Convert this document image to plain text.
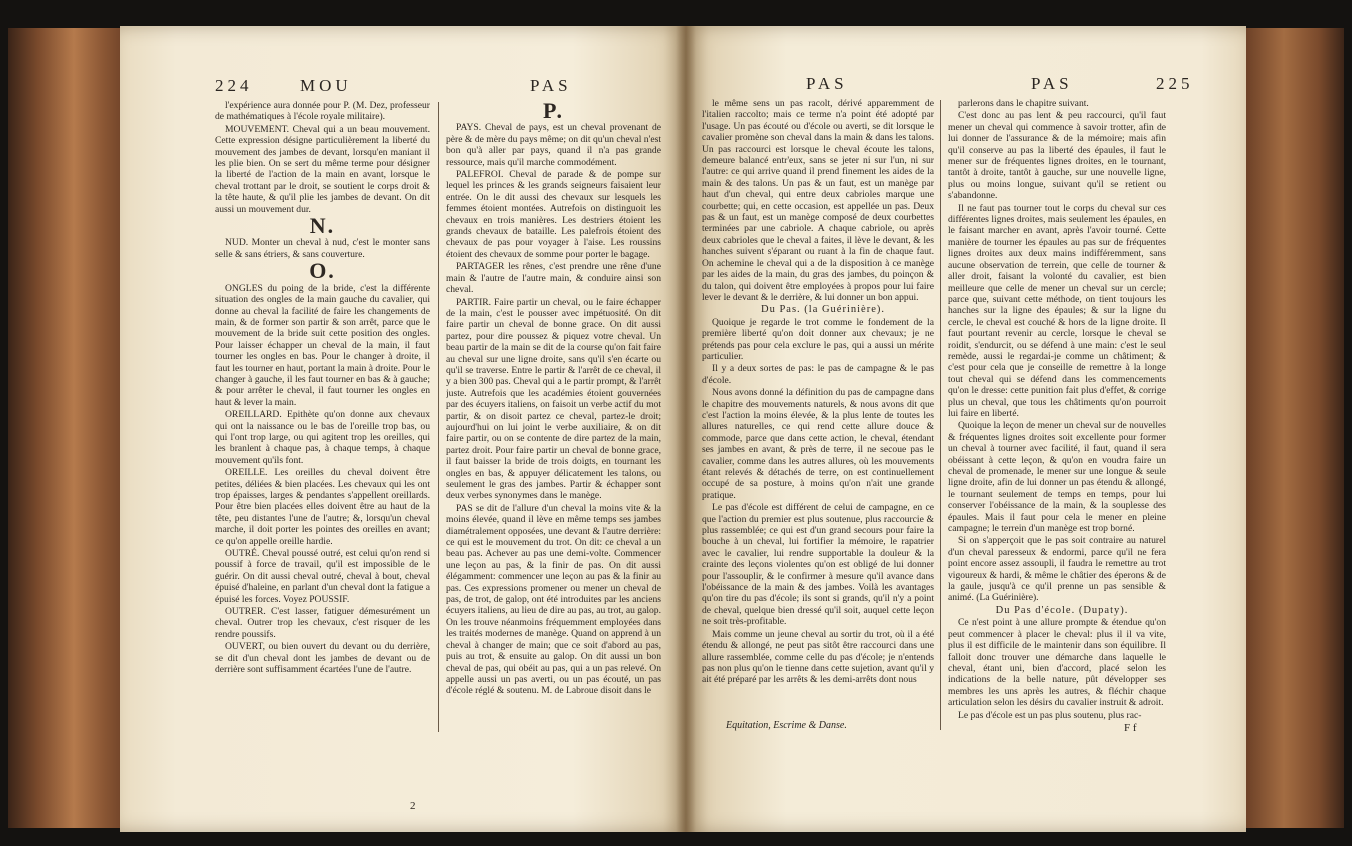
224	MOU	PAS

l'expérience aura donnée pour P. (M. Dez, professeur de mathématiques à l'école royale militaire).

MOUVEMENT. Cheval qui a un beau mouvement. Cette expression désigne particulièrement la liberté du mouvement des jambes de devant, lorsqu'en maniant il les plie bien. On se sert du même terme pour désigner la liberté de l'action de la main en avant, lorsque le cheval trottant par le droit, se soutient le corps droit & la tête haute, & qu'il plie les jambes de devant. On dit aussi un mouvement dur.

N.

NUD. Monter un cheval à nud, c'est le monter sans selle & sans étriers, & sans couverture.

O.

ONGLES du poing de la bride, c'est la différente situation des ongles de la main gauche du cavalier, qui donne au cheval la facilité de faire les changements de main, & de former son partir & son arrêt, parce que le mouvement de la bride suit cette position des ongles. Pour laisser échapper un cheval de la main, il faut tourner les ongles en bas. Pour le changer à droite, il faut les tourner en haut, portant la main à droite. Pour le changer à gauche, il les faut tourner en bas & à gauche; & pour arrêter le cheval, il faut tourner les ongles en haut & lever la main.

OREILLARD. Epithète qu'on donne aux chevaux qui ont la naissance ou le bas de l'oreille trop bas, ou qui l'ont trop large, ou qui agitent trop les oreilles, qui les branlent à chaque pas, à chaque temps, à chaque mouvement qu'ils font.

OREILLE. Les oreilles du cheval doivent être petites, déliées & bien placées. Les chevaux qui les ont trop épaisses, larges & pendantes s'appellent oreillards. Pour être bien placées elles doivent être au haut de la tête, peu distantes l'une de l'autre; &, lorsqu'un cheval marche, il doit porter les pointes des oreilles en avant; ce qu'on appelle oreille hardie.

OUTRÉ. Cheval poussé outré, est celui qu'on rend si poussif à force de travail, qu'il est impossible de le guérir. On dit aussi cheval outré, cheval à bout, cheval épuisé d'haleine, en parlant d'un cheval dont la fatigue a épuisé les forces. Voyez POUSSIF.

OUTRER. C'est lasser, fatiguer démesurément un cheval. Outrer trop les chevaux, c'est risquer de les rendre poussifs.

OUVERT, ou bien ouvert du devant ou du derrière, se dit d'un cheval dont les jambes de devant ou de derrière sont suffisamment écartées l'une de l'autre.

P.

PAYS. Cheval de pays, est un cheval provenant de père & de mère du pays même; on dit qu'un cheval n'est bon qu'à aller par pays, quand il n'a pas grande ressource, mais qu'il marche commodément.

PALEFROI. Cheval de parade & de pompe sur lequel les princes & les grands seigneurs faisaient leur entrée. On le dit aussi des chevaux sur lesquels les femmes étoient montées. Autrefois on distinguoit les chevaux en trois manières. Les destriers étoient les grands chevaux de bataille. Les palefrois étoient des chevaux de pas pour voyager à l'aise. Les roussins étoient des chevaux de somme pour porter le bagage.

PARTAGER les rênes, c'est prendre une rêne d'une main & l'autre de l'autre main, & conduire ainsi son cheval.

PARTIR. Faire partir un cheval, ou le faire échapper de la main, c'est le pousser avec impétuosité. On dit faire partir un cheval de bonne grace. On dit aussi partez, pour dire poussez & piquez votre cheval. Un beau partir de la main se dit de la course qu'on fait faire au cheval sur une ligne droite, sans qu'il s'en écarte ou qu'il se traverse. Entre le partir & l'arrêt de ce cheval, il y a bien 300 pas. Cheval qui a le partir prompt, & l'arrêt juste. Autrefois que les académies étoient gouvernées par des écuyers italiens, on faisoit un verbe actif du mot partir, & on disoit partez ce cheval, partez-le droit; aujourd'hui on lui joint le verbe auxiliaire, & on dit faire partir, ou on se contente de dire partez de la main, partez droit. Pour faire partir un cheval de bonne grace, il faut baisser la bride de trois doigts, en tournant les ongles en bas, & appuyer délicatement les talons, ou seulement le gras des jambes. Partir & échapper sont deux verbes synonymes dans le manège.

PAS se dit de l'allure d'un cheval la moins vite & la moins élevée, quand il lève en même temps ses jambes diamétralement opposées, une devant & l'autre derrière: ce qui est le mouvement du trot. On dit: ce cheval a un beau pas. Achever au pas une demi-volte. Commencer une leçon au pas, & la finir de pas. On dit aussi élégamment: commencer une leçon au pas & la finir au pas. Ces expressions promener ou mener un cheval de pas, de trot, de galop, ont été introduites par les anciens écuyers italiens, au lieu de dire au pas, au trot, au galop. On les trouve néanmoins fréquemment employées dans les traités modernes de manège. Quand on apprend à un cheval à changer de main; que ce soit d'abord au pas, puis au trot, & ensuite au galop. On dit aussi un bon cheval de pas, qui obéit au pas, qui a un pas relevé. On appelle aussi un pas averti, ou un pas écouté, un pas d'école réglé & soutenu. M. de Labroue disoit dans le

2
PAS	PAS	225

le même sens un pas racolt, dérivé apparemment de l'italien raccolto; mais ce terme n'a point été adopté par l'usage. Un pas écouté ou d'école ou averti, se dit lorsque le cavalier promène son cheval dans la main & dans les talons. Un pas raccourci est lorsque le cheval écoute les talons, demeure balancé entr'eux, sans se jeter ni sur l'un, ni sur l'autre: ce qui arrive quand il prend finement les aides de la main & des talons. Un pas & un faut, est un manège par haut d'un cheval, qui entre deux cabrioles marque une courbette; qui, en cette occasion, est appellée un pas. Deux pas & un faut, est un manège composé de deux courbettes terminées par une cabriole. A chaque cabriole, ou après deux cabrioles que le cheval a faites, il lève le devant, & les hanches suivent s'éparant ou ruant à la fin de chaque faut. On achemine le cheval qui a de la disposition à ce manège par les aides de la main, du gras des jambes, du poinçon & du talon, qui doivent être employées à propos pour lui faire lever le devant & le derrière, & lui donner un bon appui.

Du Pas. (la Guérinière).

Quoique je regarde le trot comme le fondement de la première liberté qu'on doit donner aux chevaux; je ne prétends pas pour cela exclure le pas, qui a aussi un mérite particulier.

Il y a deux sortes de pas: le pas de campagne & le pas d'école.

Nous avons donné la définition du pas de campagne dans le chapitre des mouvements naturels, & nous avons dit que c'est l'action la moins élevée, & la plus lente de toutes les allures naturelles, ce qui rend cette allure douce & commode, parce que dans cette action, le cheval, étendant ses jambes en avant, & près de terre, il ne secoue pas le cavalier, comme dans les autres allures, où les mouvements étant relevés & détachés de terre, on est continuellement occupé de sa posture, à moins qu'on n'ait une grande pratique.

Le pas d'école est différent de celui de campagne, en ce que l'action du premier est plus soutenue, plus raccourcie & plus rassemblée; ce qui est d'un grand secours pour faire la bouche à un cheval, lui fortifier la mémoire, le rapatrier avec le cavalier, lui rendre supportable la douleur & la crainte des leçons violentes qu'on est obligé de lui donner pour l'assouplir, & le confirmer à mesure qu'il avance dans l'obéissance de la main & des jambes. Voilà les avantages qu'on tire du pas d'école; ils sont si grands, qu'il n'y a point de cheval, quelque bien dressé qu'il soit, auquel cette leçon ne soit très-profitable.

Mais comme un jeune cheval au sortir du trot, où il a été étendu & allongé, ne peut pas sitôt être raccourci dans une allure rassemblée, comme celle du pas d'école; je n'entends pas non plus qu'on le tienne dans cette sujetion, avant qu'il y ait été préparé par les arrêts & les demi-arrêts dont nous

parlerons dans le chapitre suivant.

C'est donc au pas lent & peu raccourci, qu'il faut mener un cheval qui commence à savoir trotter, afin de lui donner de l'assurance & de la mémoire; mais afin qu'il conserve au pas la liberté des épaules, il faut le mener sur de fréquentes lignes droites, en le tournant, tantôt à droite, tantôt à gauche, sur une nouvelle ligne, plus ou moins longue, suivant qu'il se retient ou s'abandonne.

Il ne faut pas tourner tout le corps du cheval sur ces différentes lignes droites, mais seulement les épaules, en le faisant marcher en avant, après l'avoir tourné. Cette manière de tourner les épaules au pas sur de fréquentes lignes droites aux deux mains indifféremment, sans aucune observation de terrein, que celle de tourner & aller droit, faisant la volonté du cavalier, est bien meilleure que celle de mener un cheval sur un cercle; parce que, suivant cette méthode, on tient toujours les hanches sur la ligne des épaules; & sur la ligne du cercle, le cheval est couché & hors de la ligne droite. Il faut pourtant revenir au cercle, lorsque le cheval se roidit, s'endurcit, ou se défend à une main: c'est le seul remède, aussi le regardai-je comme un châtiment; & c'est pour cela que je conseille de remettre à la longe tout cheval qui se défend dans les commencements qu'on le dresse: cette punition fait plus d'effet, & corrige plus un cheval, que tous les châtiments qu'on pourroit lui faire en liberté.

Quoique la leçon de mener un cheval sur de nouvelles & fréquentes lignes droites soit excellente pour former un cheval à tourner avec facilité, il faut, quand il sera obéissant à cette leçon, & qu'on en voudra faire un cheval de promenade, le mener sur une longue & seule ligne droite, afin de lui donner un pas étendu & allongé, le tournant seulement de temps en temps, pour lui conserver l'obéissance de la main, & la souplesse des épaules. Mais il faut pour cela le mener en pleine campagne; le terrein d'un manège est trop borné.

Si on s'apperçoit que le pas soit contraire au naturel d'un cheval paresseux & endormi, parce qu'il ne fera point encore assez assoupli, il faudra le remettre au trot vigoureux & hardi, & même le châtier des éperons & de la gaule, jusqu'à ce qu'il prenne un pas sensible & animé. (La Guérinière).

Du Pas d'école. (Dupaty).

Ce n'est point à une allure prompte & étendue qu'on peut commencer à placer le cheval: plus il il va vite, plus il est difficile de le maintenir dans son équilibre. Il falloit donc trouver une démarche dans laquelle le cheval, étant uni, bien d'accord, placé selon les indications de la belle nature, pût développer ses membres les uns après les autres, & fléchir chaque articulation selon les désirs du cavalier instruit & adroit.

Le pas d'école est un pas plus soutenu, plus rac-

Equitation, Escrime & Danse.	F f
